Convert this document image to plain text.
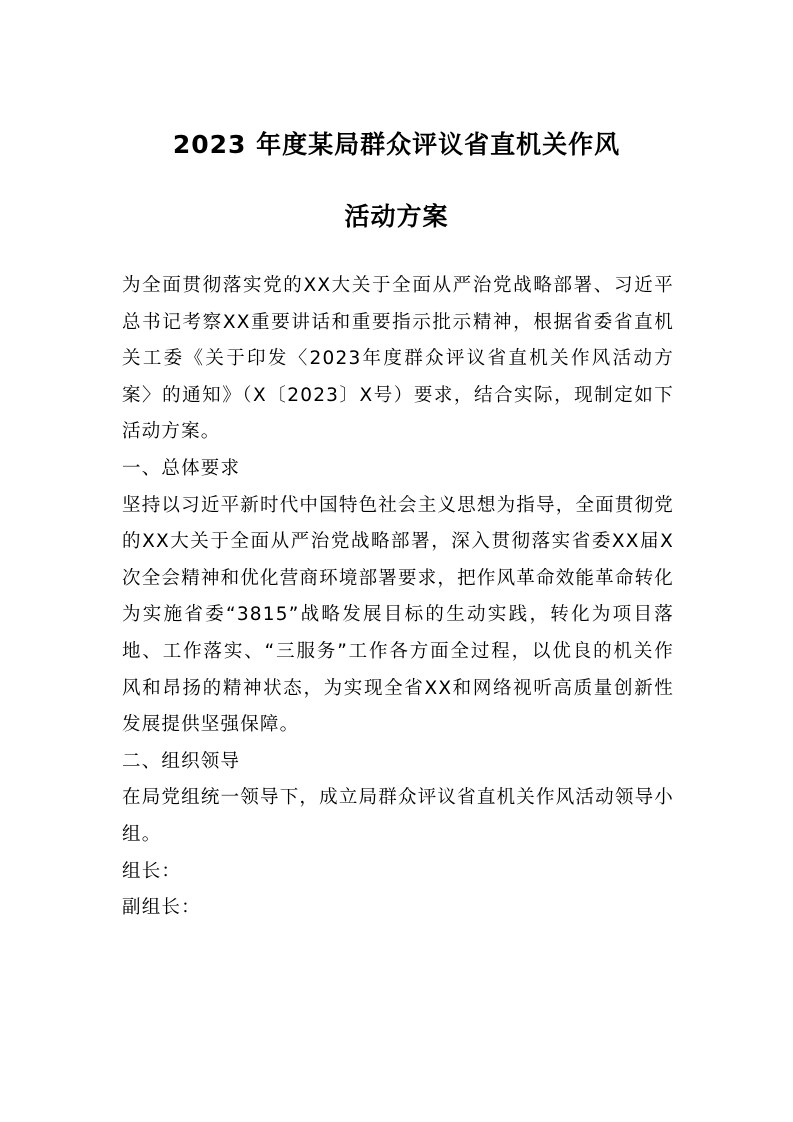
2023 年度某局群众评议省直机关作风
活动方案

为全面贯彻落实党的XX大关于全面从严治党战略部署、习近平总书记考察XX重要讲话和重要指示批示精神，根据省委省直机关工委《关于印发〈2023年度群众评议省直机关作风活动方案〉的通知》（X〔2023〕X号）要求，结合实际，现制定如下活动方案。

一、总体要求

坚持以习近平新时代中国特色社会主义思想为指导，全面贯彻党的XX大关于全面从严治党战略部署，深入贯彻落实省委XX届X次全会精神和优化营商环境部署要求，把作风革命效能革命转化为实施省委“3815”战略发展目标的生动实践，转化为项目落地、工作落实、“三服务”工作各方面全过程，以优良的机关作风和昂扬的精神状态，为实现全省XX和网络视听高质量创新性发展提供坚强保障。

二、组织领导

在局党组统一领导下，成立局群众评议省直机关作风活动领导小组。

组长：

副组长：
